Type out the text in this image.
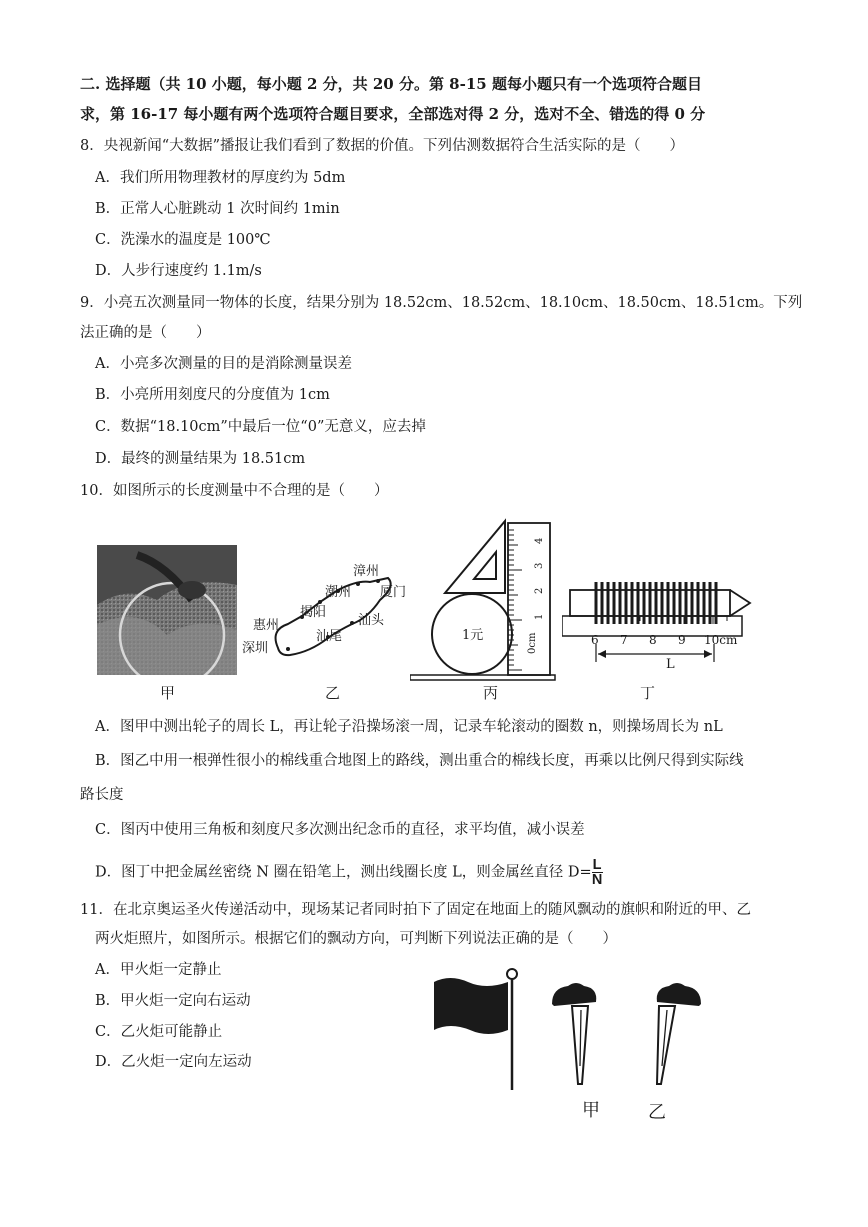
二. 选择题（共 10 小题，每小题 2 分，共 20 分。第 8-15 题每小题只有一个选项符合题目
求，第 16-17 每小题有两个选项符合题目要求，全部选对得 2 分，选对不全、错选的得 0 分
8．央视新闻“大数据”播报让我们看到了数据的价值。下列估测数据符合生活实际的是（　　）
A．我们所用物理教材的厚度约为 5dm
B．正常人心脏跳动 1 次时间约 1min
C．洗澡水的温度是 100℃
D．人步行速度约 1.1m/s
9．小亮五次测量同一物体的长度，结果分别为 18.52cm、18.52cm、18.10cm、18.50cm、18.51cm。下列
法正确的是（　　）
A．小亮多次测量的目的是消除测量误差
B．小亮所用刻度尺的分度值为 1cm
C．数据“18.10cm”中最后一位“0”无意义，应去掉
D．最终的测量结果为 18.51cm
10．如图所示的长度测量中不合理的是（　　）
甲
漳州
潮州 厦门
揭阳
惠州	汕头
汕尾
深圳
乙
1元	0cm
1
2
3
4
丙
6 7 8 9 10cm
L
丁
A．图甲中测出轮子的周长 L，再让轮子沿操场滚一周，记录车轮滚动的圈数 n，则操场周长为 nL
B．图乙中用一根弹性很小的棉线重合地图上的路线，测出重合的棉线长度，再乘以比例尺得到实际线
路长度
C．图丙中使用三角板和刻度尺多次测出纪念币的直径，求平均值，减小误差
D．图丁中把金属丝密绕 N 圈在铅笔上，测出线圈长度 L，则金属丝直径 $D= \frac{L}{N}$
11．在北京奥运圣火传递活动中，现场某记者同时拍下了固定在地面上的随风飘动的旗帜和附近的甲、乙
两火炬照片，如图所示。根据它们的飘动方向，可判断下列说法正确的是（　　）
A．甲火炬一定静止
B．甲火炬一定向右运动
C．乙火炬可能静止
D．乙火炬一定向左运动
甲	乙
